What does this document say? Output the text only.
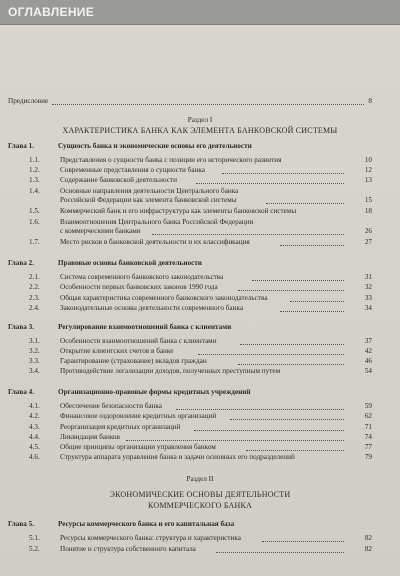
ОГЛАВЛЕНИЕ
Предисловие	8
Раздел I
ХАРАКТЕРИСТИКА БАНКА КАК ЭЛЕМЕНТА БАНКОВСКОЙ СИСТЕМЫ
Глава 1.	Сущность банка и экономические основы его деятельности
1.1.	Представления о сущности банка с позиции его исторического развития	10
1.2.	Современные представления о сущности банка	12
1.3.	Содержание банковской деятельности	13
1.4.	Основные направления деятельности Центрального банка
Российской Федерации как элемента банковской системы	15
1.5.	Коммерческий банк и его инфраструктура как элементы банковской системы	18
1.6.	Взаимоотношения Центрального банка Российской Федерации
с коммерческими банками	26
1.7.	Место рисков в банковской деятельности и их классификация	27
Глава 2.	Правовые основы банковской деятельности
2.1.	Система современного банковского законодательства	31
2.2.	Особенности первых банковских законов 1990 года	32
2.3.	Общая характеристика современного банковского законодательства	33
2.4.	Законодательные основы деятельности современного банка	34
Глава 3.	Регулирование взаимоотношений банка с клиентами
3.1.	Особенности взаимоотношений банка с клиентами	37
3.2.	Открытие клиентских счетов в банке	42
3.3.	Гарантирование (страхование) вкладов граждан	46
3.4.	Противодействие легализации доходов, полученных преступным путем	54
Глава 4.	Организационно-правовые формы кредитных учреждений
4.1.	Обеспечение безопасности банка	59
4.2.	Финансовое оздоровление кредитных организаций	62
4.3.	Реорганизация кредитных организаций	71
4.4.	Ликвидация банков	74
4.5.	Общие принципы организации управления банком	77
4.6.	Структура аппарата управления банка и задачи основных его подразделений	79
Раздел II
ЭКОНОМИЧЕСКИЕ ОСНОВЫ ДЕЯТЕЛЬНОСТИ
КОММЕРЧЕСКОГО БАНКА
Глава 5.	Ресурсы коммерческого банка и его капитальная база
5.1.	Ресурсы коммерческого банка: структура и характеристика	82
5.2.	Понятие и структура собственного капитала	82
